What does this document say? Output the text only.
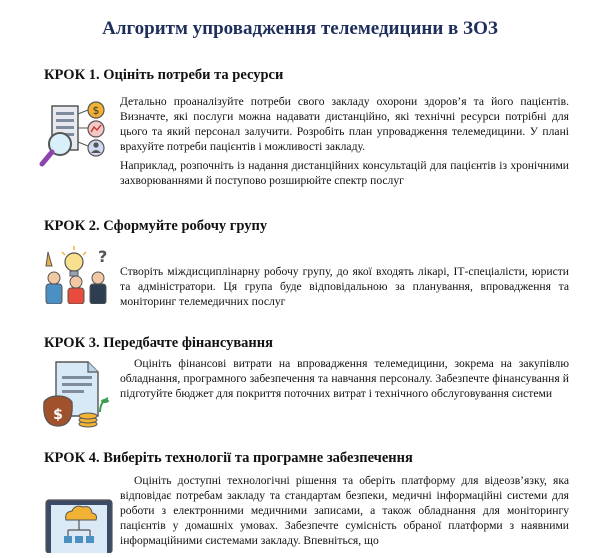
Алгоритм упровадження телемедицини в ЗОЗ
КРОК 1. Оцініть потреби та ресурси
$

Детально проаналізуйте потреби свого закладу охорони здоров’я та його пацієнтів. Визначте, які послуги можна надавати дистанційно, які технічні ресурси потрібні для цього та який персонал залучити. Розробіть план упровадження телемедицини. У плані врахуйте потреби пацієнтів і можливості закладу.

Наприклад, розпочніть із надання дистанційних консультацій для пацієнтів із хронічними захворюваннями й поступово розширюйте спектр послуг

КРОК 2. Сформуйте робочу групу
?

Створіть міждисциплінарну робочу групу, до якої входять лікарі, ІТ-спеціалісти, юристи та адміністратори. Ця група буде відповідальною за планування, впровадження та моніторинг телемедичних послуг

КРОК 3. Передбачте фінансування
$

Оцініть фінансові витрати на впровадження телемедицини, зокрема на закупівлю обладнання, програмного забезпечення та навчання персоналу. Забезпечте фінансування й підготуйте бюджет для покриття поточних витрат і технічного обслуговування системи

КРОК 4. Виберіть технології та програмне забезпечення

Оцініть доступні технологічні рішення та оберіть платформу для відеозв’язку, яка відповідає потребам закладу та стандартам безпеки, медичні інформаційні системи для роботи з електронними медичними записами, а також обладнання для моніторингу пацієнтів у домашніх умовах. Забезпечте сумісність обраної платформи з наявними інформаційними системами закладу. Впевніться, що
